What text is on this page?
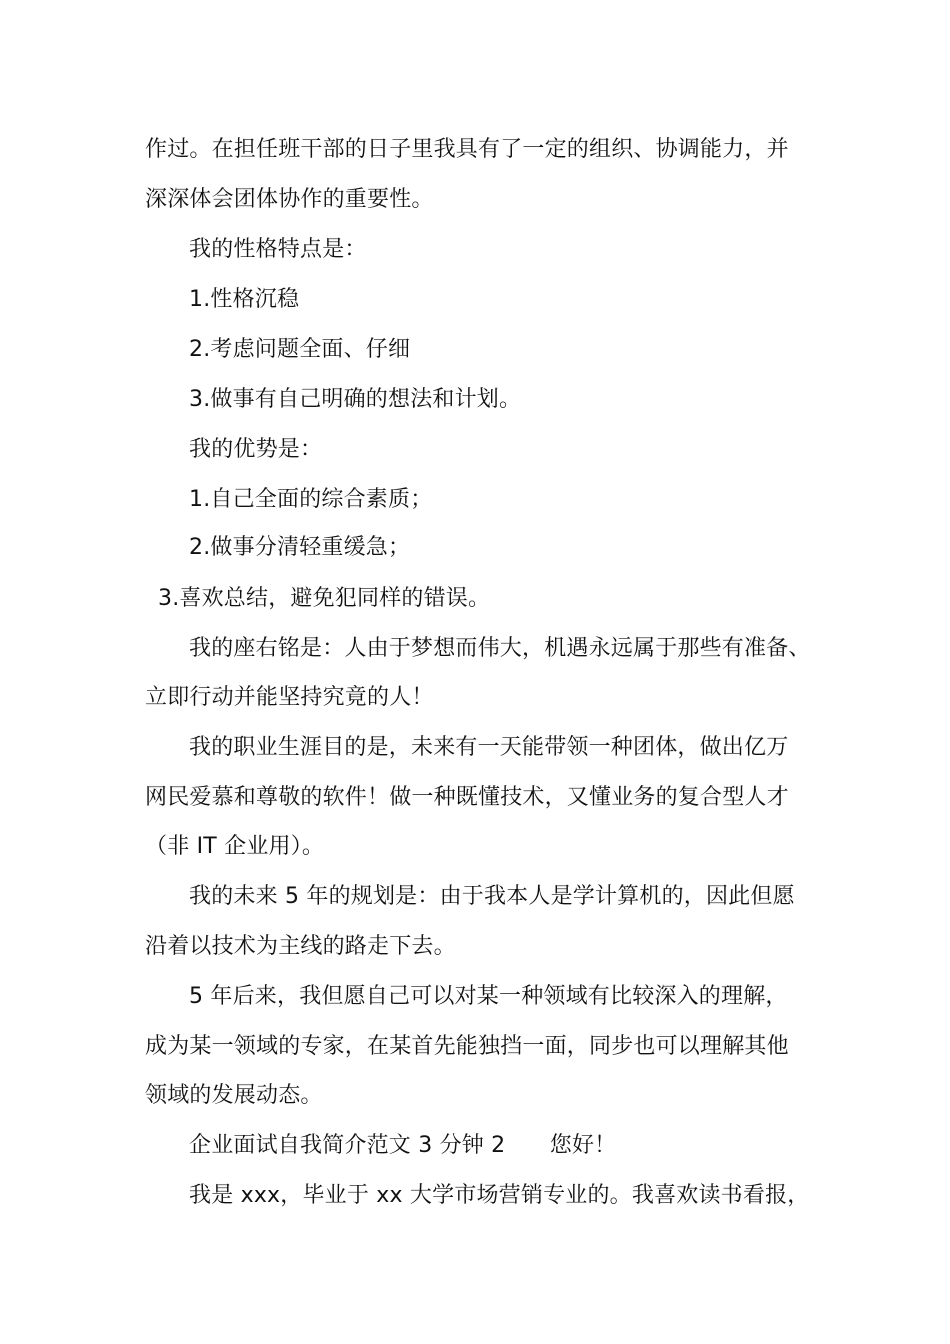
作过。在担任班干部的日子里我具有了一定的组织、协调能力，并
深深体会团体协作的重要性。
我的性格特点是：
1.性格沉稳
2.考虑问题全面、仔细
3.做事有自己明确的想法和计划。
我的优势是：
1.自己全面的综合素质；
2.做事分清轻重缓急；
3.喜欢总结，避免犯同样的错误。
我的座右铭是：人由于梦想而伟大，机遇永远属于那些有准备、
立即行动并能坚持究竟的人！
我的职业生涯目的是，未来有一天能带领一种团体，做出亿万
网民爱慕和尊敬的软件！做一种既懂技术，又懂业务的复合型人才
（非 IT 企业用）。
我的未来 5 年的规划是：由于我本人是学计算机的，因此但愿
沿着以技术为主线的路走下去。
5 年后来，我但愿自己可以对某一种领域有比较深入的理解，
成为某一领域的专家，在某首先能独挡一面，同步也可以理解其他
领域的发展动态。
企业面试自我简介范文 3 分钟 2　　您好！
我是 xxx，毕业于 xx 大学市场营销专业的。我喜欢读书看报，
